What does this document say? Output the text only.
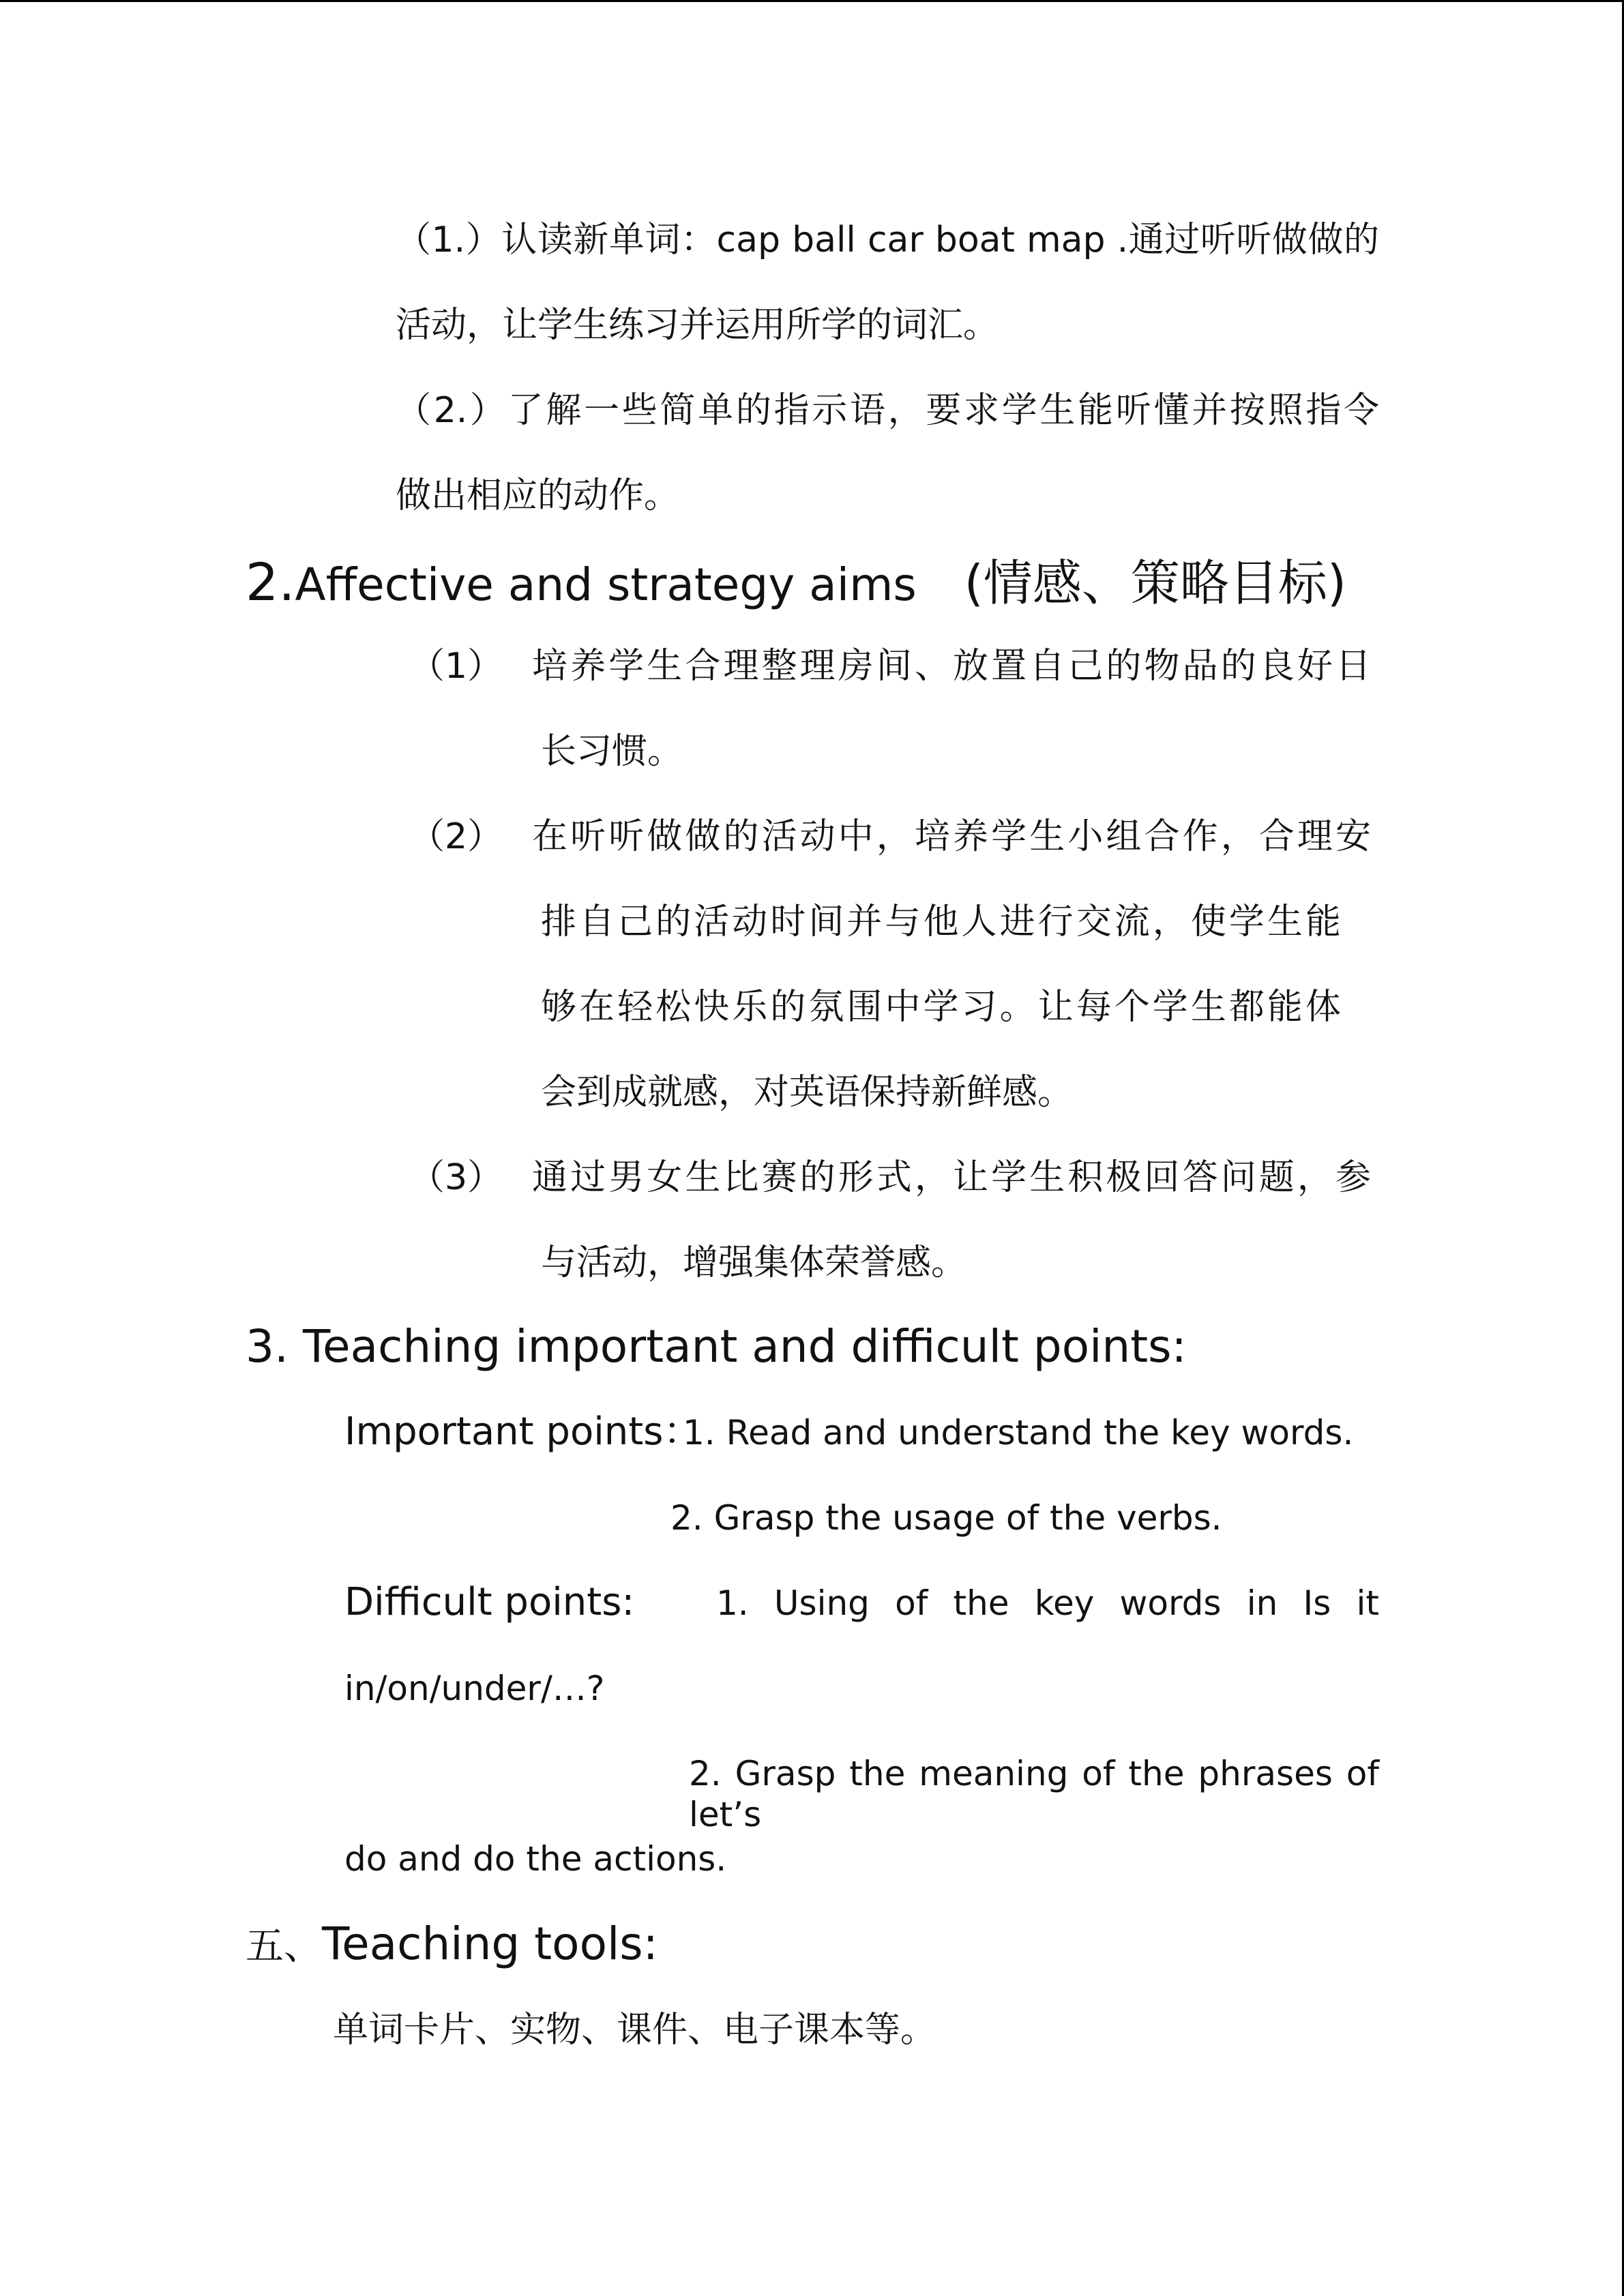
（1.）认读新单词：cap ball car boat map .通过听听做做的
活动，让学生练习并运用所学的词汇。
（2.）了解一些简单的指示语，要求学生能听懂并按照指令
做出相应的动作。
2.Affective and strategy aims (情感、策略目标)
（1） 培养学生合理整理房间、放置自己的物品的良好日
长习惯。
（2） 在听听做做的活动中，培养学生小组合作，合理安
排自己的活动时间并与他人进行交流，使学生能
够在轻松快乐的氛围中学习。让每个学生都能体
会到成就感，对英语保持新鲜感。
（3） 通过男女生比赛的形式，让学生积极回答问题，参
与活动，增强集体荣誉感。
3. Teaching important and difficult points:
Important points：
1. Read and understand the key words.
2. Grasp the usage of the verbs.
Difficult points: 1. Using of the key words in Is it
in/on/under/…?
2. Grasp the meaning of the phrases of let’s
do and do the actions.
五、Teaching tools:
单词卡片、实物、课件、电子课本等。
